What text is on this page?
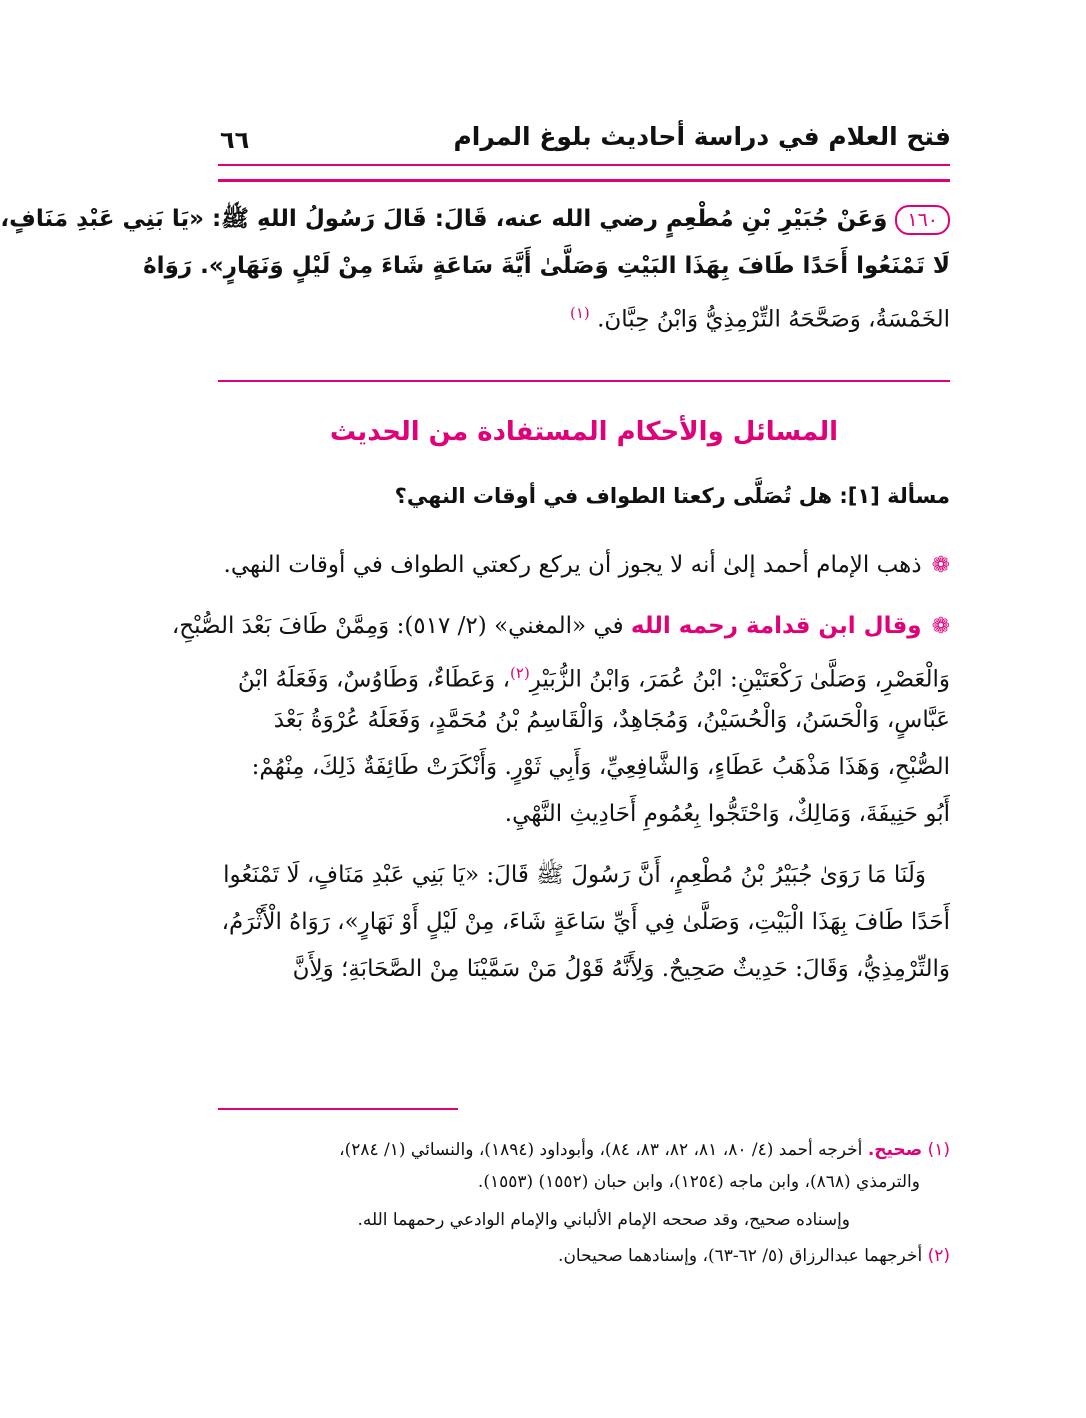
فتح العلام في دراسة أحاديث بلوغ المرام
٦٦
١٦٠وَعَنْ جُبَيْرِ بْنِ مُطْعِمٍ رضي الله عنه، قَالَ: قَالَ رَسُولُ اللهِ ﷺ: «يَا بَنِي عَبْدِ مَنَافٍ،
لَا تَمْنَعُوا أَحَدًا طَافَ بِهَذَا البَيْتِ وَصَلَّىٰ أَيَّةَ سَاعَةٍ شَاءَ مِنْ لَيْلٍ وَنَهَارٍ». رَوَاهُ
الخَمْسَةُ، وَصَحَّحَهُ التِّرْمِذِيُّ وَابْنُ حِبَّانَ. $^{(١)}$
المسائل والأحكام المستفادة من الحديث
مسألة [١]: هل تُصَلَّى ركعتا الطواف في أوقات النهي؟
❁ذهب الإمام أحمد إلىٰ أنه لا يجوز أن يركع ركعتي الطواف في أوقات النهي.
❁وقال ابن قدامة رحمه الله في «المغني» (٢/ ٥١٧): وَمِمَّنْ طَافَ بَعْدَ الصُّبْحِ،
وَالْعَصْرِ، وَصَلَّىٰ رَكْعَتَيْنِ: ابْنُ عُمَرَ، وَابْنُ الزُّبَيْرِ$^{(٢)}$، وَعَطَاءٌ، وَطَاوُسٌ، وَفَعَلَهُ ابْنُ
عَبَّاسٍ، وَالْحَسَنُ، وَالْحُسَيْنُ، وَمُجَاهِدٌ، وَالْقَاسِمُ بْنُ مُحَمَّدٍ، وَفَعَلَهُ عُرْوَةُ بَعْدَ
الصُّبْحِ، وَهَذَا مَذْهَبُ عَطَاءٍ، وَالشَّافِعِيِّ، وَأَبِي ثَوْرٍ. وَأَنْكَرَتْ طَائِفَةٌ ذَلِكَ، مِنْهُمْ:
أَبُو حَنِيفَةَ، وَمَالِكٌ، وَاحْتَجُّوا بِعُمُومِ أَحَادِيثِ النَّهْيِ.
وَلَنَا مَا رَوَىٰ جُبَيْرُ بْنُ مُطْعِمٍ، أَنَّ رَسُولَ ﷺ قَالَ: «يَا بَنِي عَبْدِ مَنَافٍ، لَا تَمْنَعُوا
أَحَدًا طَافَ بِهَذَا الْبَيْتِ، وَصَلَّىٰ فِي أَيِّ سَاعَةٍ شَاءَ، مِنْ لَيْلٍ أَوْ نَهَارٍ»، رَوَاهُ الْأَثْرَمُ،
وَالتِّرْمِذِيُّ، وَقَالَ: حَدِيثٌ صَحِيحٌ. وَلِأَنَّهُ قَوْلُ مَنْ سَمَّيْنَا مِنْ الصَّحَابَةِ؛ وَلِأَنَّ
(١) صحيح. أخرجه أحمد (٤/ ٨٠، ٨١، ٨٢، ٨٣، ٨٤)، وأبوداود (١٨٩٤)، والنسائي (١/ ٢٨٤)،
والترمذي (٨٦٨)، وابن ماجه (١٢٥٤)، وابن حبان (١٥٥٢) (١٥٥٣).
وإسناده صحيح، وقد صححه الإمام الألباني والإمام الوادعي رحمهما الله.
(٢) أخرجهما عبدالرزاق (٥/ ٦٢-٦٣)، وإسنادهما صحيحان.
